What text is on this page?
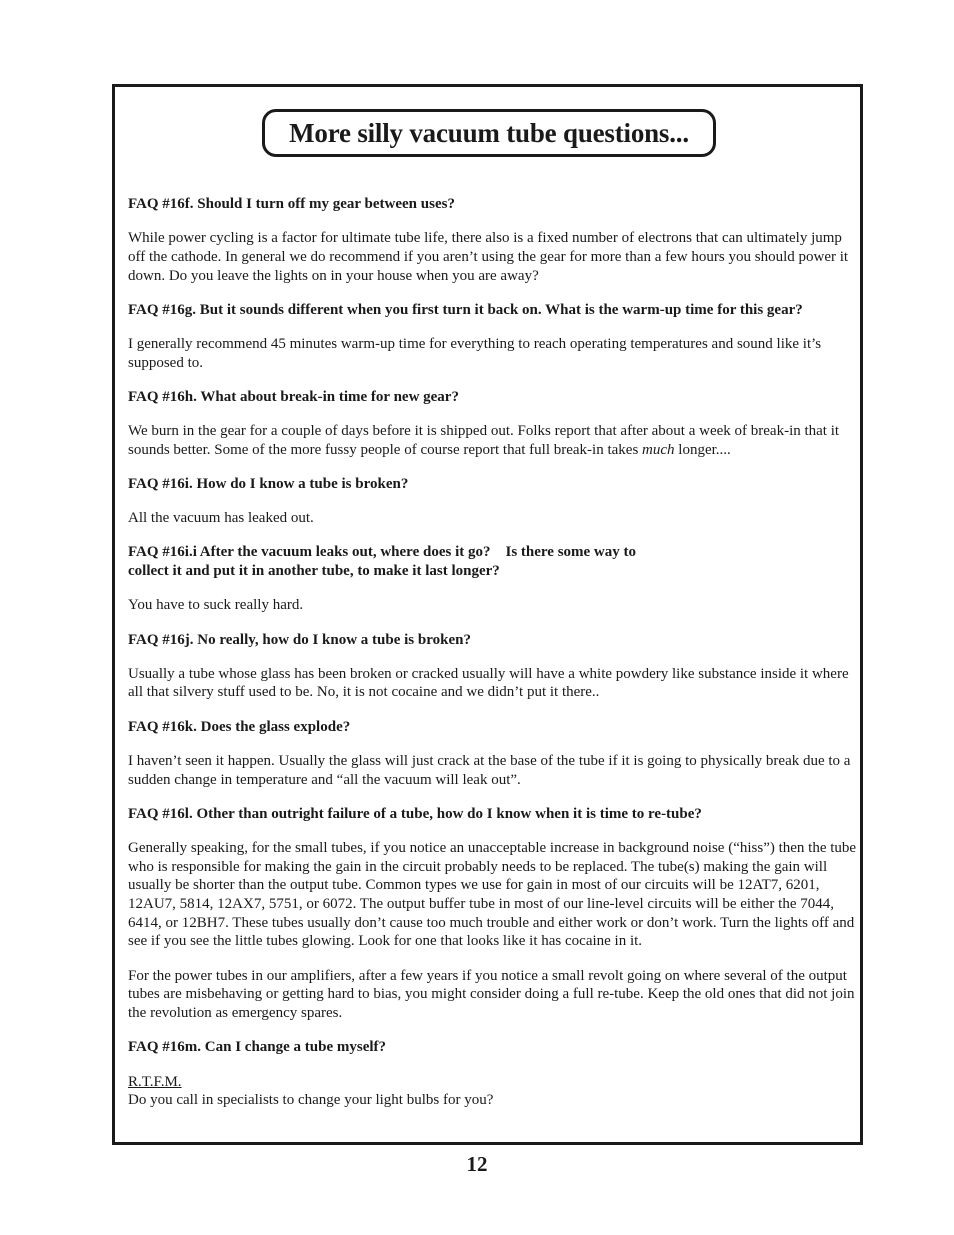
More silly vacuum tube questions...

FAQ #16f. Should I turn off my gear between uses?

While power cycling is a factor for ultimate tube life, there also is a fixed number of electrons that can ultimately jump off the cathode. In general we do recommend if you aren’t using the gear for more than a few hours you should power it down. Do you leave the lights on in your house when you are away?

FAQ #16g. But it sounds different when you first turn it back on. What is the warm-up time for this gear?

I generally recommend 45 minutes warm-up time for everything to reach operating temperatures and sound like it’s supposed to.

FAQ #16h. What about break-in time for new gear?

We burn in the gear for a couple of days before it is shipped out. Folks report that after about a week of break-in that it sounds better. Some of the more fussy people of course report that full break-in takes much longer....

FAQ #16i. How do I know a tube is broken?

All the vacuum has leaked out.

FAQ #16i.i After the vacuum leaks out, where does it go?    Is there some way to
collect it and put it in another tube, to make it last longer?

You have to suck really hard.

FAQ #16j. No really, how do I know a tube is broken?

Usually a tube whose glass has been broken or cracked usually will have a white powdery like substance inside it where all that silvery stuff used to be. No, it is not cocaine and we didn’t put it there..

FAQ #16k. Does the glass explode?

I haven’t seen it happen. Usually the glass will just crack at the base of the tube if it is going to physically break due to a sudden change in temperature and “all the vacuum will leak out”.

FAQ #16l. Other than outright failure of a tube, how do I know when it is time to re-tube?

Generally speaking, for the small tubes, if you notice an unacceptable increase in background noise (“hiss”) then the tube who is responsible for making the gain in the circuit probably needs to be replaced. The tube(s) making the gain will usually be shorter than the output tube. Common types we use for gain in most of our circuits will be 12AT7, 6201, 12AU7, 5814, 12AX7, 5751, or 6072. The output buffer tube in most of our line-level circuits will be either the 7044, 6414, or 12BH7. These tubes usually don’t cause too much trouble and either work or don’t work. Turn the lights off and see if you see the little tubes glowing. Look for one that looks like it has cocaine in it.

For the power tubes in our amplifiers, after a few years if you notice a small revolt going on where several of the output tubes are misbehaving or getting hard to bias, you might consider doing a full re-tube. Keep the old ones that did not join the revolution as emergency spares.

FAQ #16m. Can I change a tube myself?

R.T.F.M.
Do you call in specialists to change your light bulbs for you?

12
